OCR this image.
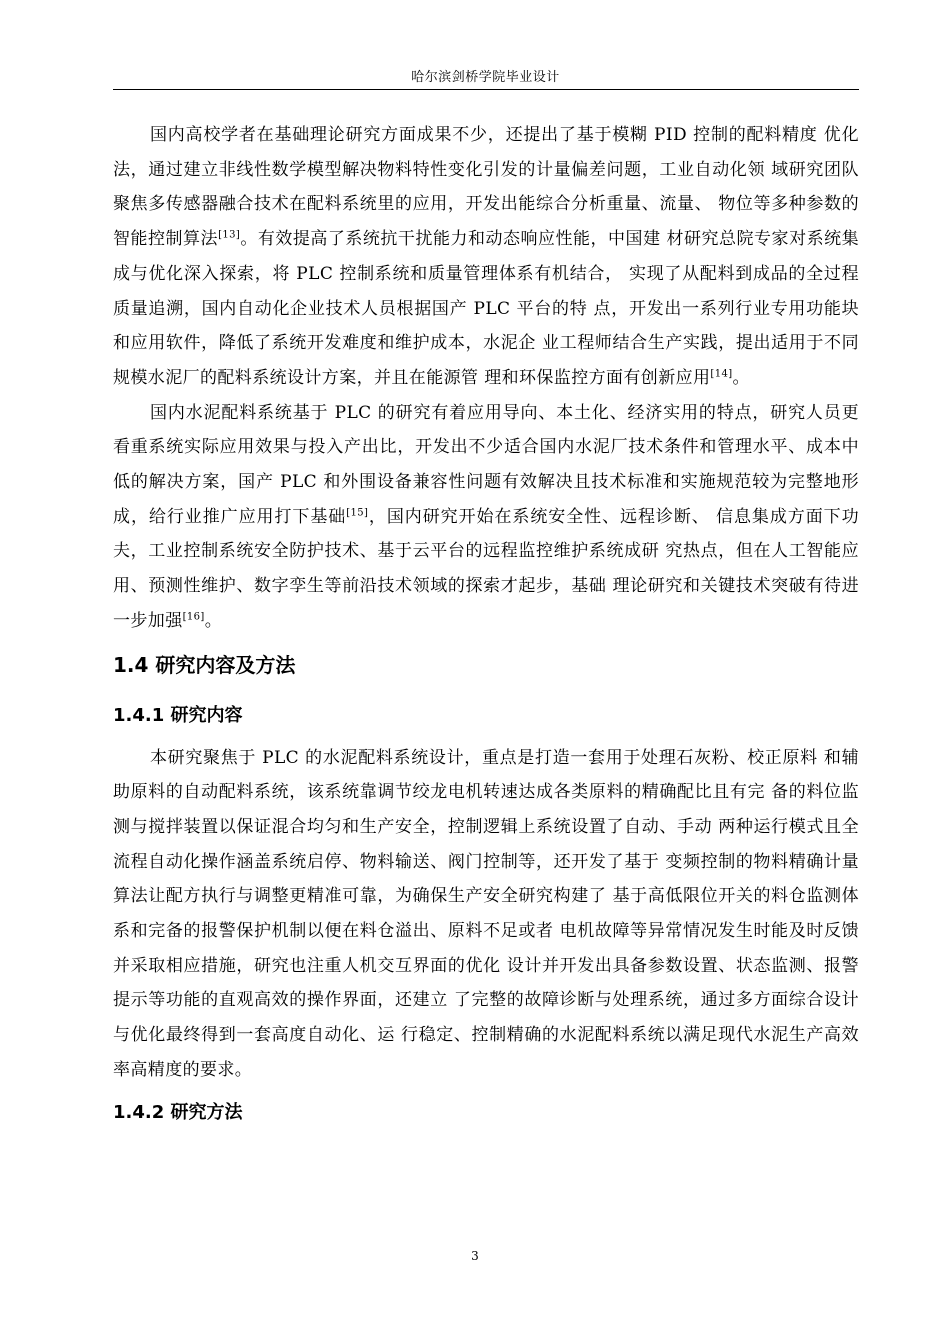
哈尔滨剑桥学院毕业设计

国内高校学者在基础理论研究方面成果不少，还提出了基于模糊 PID 控制的配料精度 优化法，通过建立非线性数学模型解决物料特性变化引发的计量偏差问题，工业自动化领 域研究团队聚焦多传感器融合技术在配料系统里的应用，开发出能综合分析重量、流量、 物位等多种参数的智能控制算法[13]。有效提高了系统抗干扰能力和动态响应性能，中国建 材研究总院专家对系统集成与优化深入探索，将 PLC 控制系统和质量管理体系有机结合， 实现了从配料到成品的全过程质量追溯，国内自动化企业技术人员根据国产 PLC 平台的特 点，开发出一系列行业专用功能块和应用软件，降低了系统开发难度和维护成本，水泥企 业工程师结合生产实践，提出适用于不同规模水泥厂的配料系统设计方案，并且在能源管 理和环保监控方面有创新应用[14]。

国内水泥配料系统基于 PLC 的研究有着应用导向、本土化、经济实用的特点，研究人员更看重系统实际应用效果与投入产出比，开发出不少适合国内水泥厂技术条件和管理水平、成本中低的解决方案，国产 PLC 和外围设备兼容性问题有效解决且技术标准和实施规范较为完整地形成，给行业推广应用打下基础[15]，国内研究开始在系统安全性、远程诊断、 信息集成方面下功夫，工业控制系统安全防护技术、基于云平台的远程监控维护系统成研 究热点，但在人工智能应用、预测性维护、数字孪生等前沿技术领域的探索才起步，基础 理论研究和关键技术突破有待进一步加强[16]。

1.4 研究内容及方法
1.4.1 研究内容

本研究聚焦于 PLC 的水泥配料系统设计，重点是打造一套用于处理石灰粉、校正原料 和辅助原料的自动配料系统，该系统靠调节绞龙电机转速达成各类原料的精确配比且有完 备的料位监测与搅拌装置以保证混合均匀和生产安全，控制逻辑上系统设置了自动、手动 两种运行模式且全流程自动化操作涵盖系统启停、物料输送、阀门控制等，还开发了基于 变频控制的物料精确计量算法让配方执行与调整更精准可靠，为确保生产安全研究构建了 基于高低限位开关的料仓监测体系和完备的报警保护机制以便在料仓溢出、原料不足或者 电机故障等异常情况发生时能及时反馈并采取相应措施，研究也注重人机交互界面的优化 设计并开发出具备参数设置、状态监测、报警提示等功能的直观高效的操作界面，还建立 了完整的故障诊断与处理系统，通过多方面综合设计与优化最终得到一套高度自动化、运 行稳定、控制精确的水泥配料系统以满足现代水泥生产高效率高精度的要求。

1.4.2 研究方法
3
